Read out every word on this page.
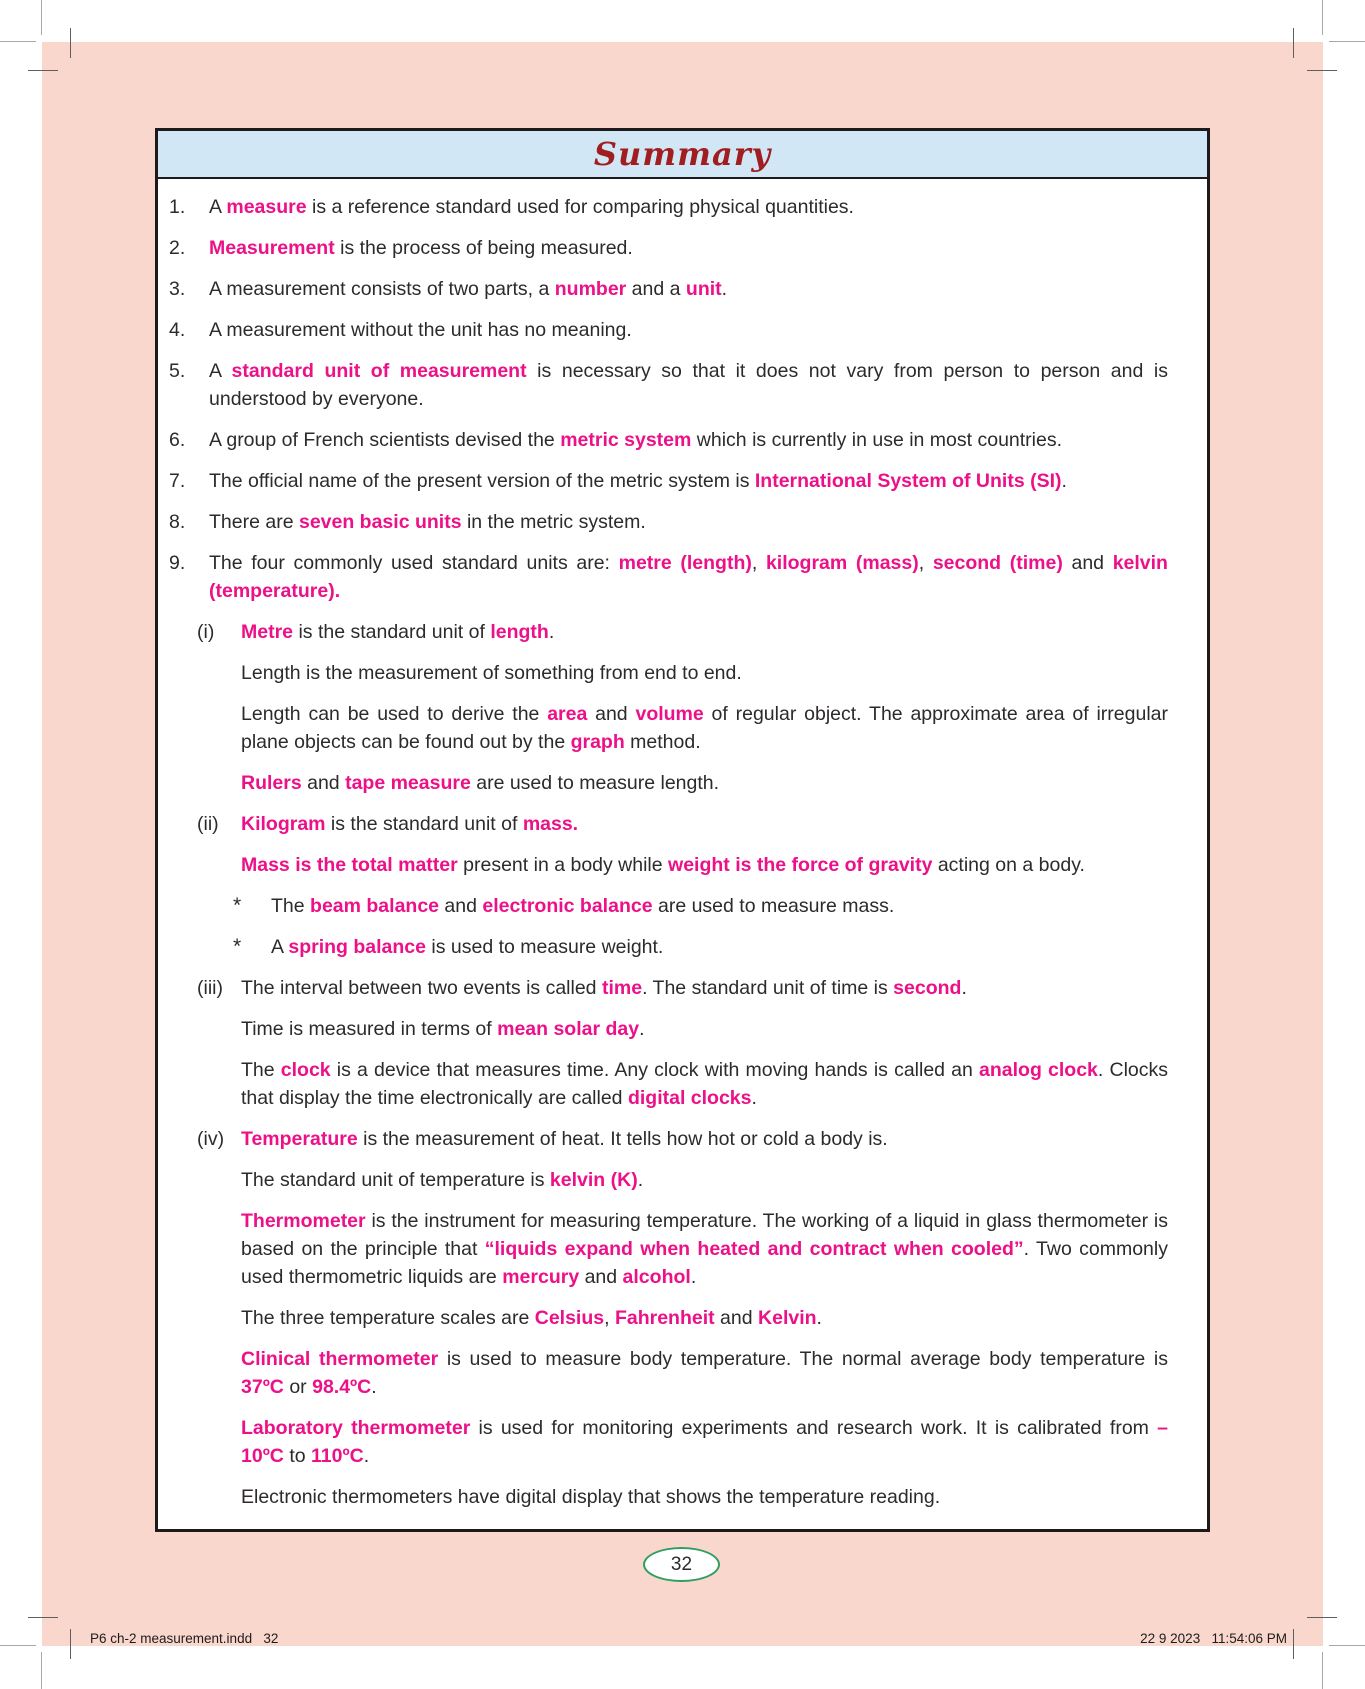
Summary
1. A measure is a reference standard used for comparing physical quantities.
2. Measurement is the process of being measured.
3. A measurement consists of two parts, a number and a unit.
4. A measurement without the unit has no meaning.
5. A standard unit of measurement is necessary so that it does not vary from person to person and is understood by everyone.
6. A group of French scientists devised the metric system which is currently in use in most countries.
7. The official name of the present version of the metric system is International System of Units (SI).
8. There are seven basic units in the metric system.
9. The four commonly used standard units are: metre (length), kilogram (mass), second (time) and kelvin (temperature).
(i) Metre is the standard unit of length.
Length is the measurement of something from end to end.
Length can be used to derive the area and volume of regular object. The approximate area of irregular plane objects can be found out by the graph method.
Rulers and tape measure are used to measure length.
(ii) Kilogram is the standard unit of mass.
Mass is the total matter present in a body while weight is the force of gravity acting on a body.
* The beam balance and electronic balance are used to measure mass.
* A spring balance is used to measure weight.
(iii) The interval between two events is called time. The standard unit of time is second.
Time is measured in terms of mean solar day.
The clock is a device that measures time. Any clock with moving hands is called an analog clock. Clocks that display the time electronically are called digital clocks.
(iv) Temperature is the measurement of heat. It tells how hot or cold a body is.
The standard unit of temperature is kelvin (K).
Thermometer is the instrument for measuring temperature. The working of a liquid in glass thermometer is based on the principle that “liquids expand when heated and contract when cooled”. Two commonly used thermometric liquids are mercury and alcohol.
The three temperature scales are Celsius, Fahrenheit and Kelvin.
Clinical thermometer is used to measure body temperature. The normal average body temperature is 37ºC or 98.4ºC.
Laboratory thermometer is used for monitoring experiments and research work. It is calibrated from – 10ºC to 110ºC.
Electronic thermometers have digital display that shows the temperature reading.
32
P6 ch-2 measurement.indd   32	22 9 2023   11:54:06 PM
